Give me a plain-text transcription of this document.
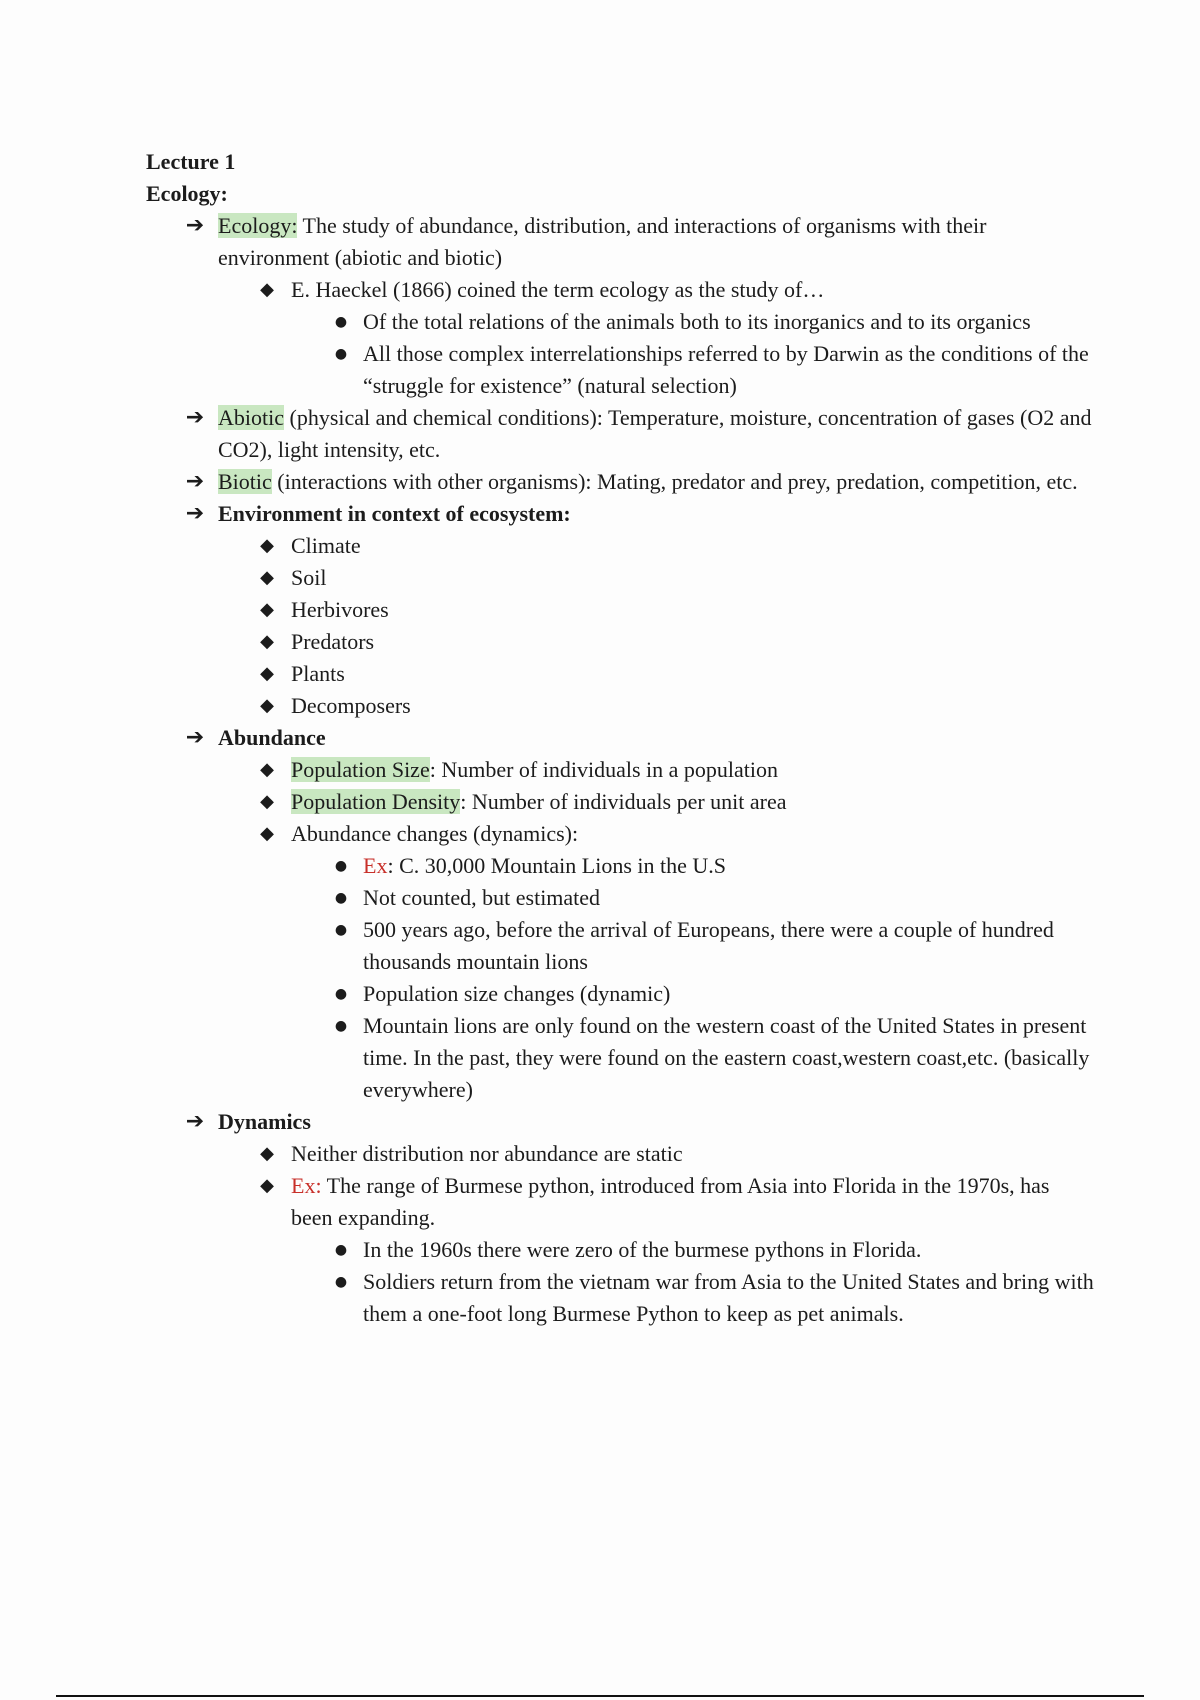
Lecture 1
Ecology:
➔ Ecology: The study of abundance, distribution, and interactions of organisms with their environment (abiotic and biotic)
◆ E. Haeckel (1866) coined the term ecology as the study of…
● Of the total relations of the animals both to its inorganics and to its organics
● All those complex interrelationships referred to by Darwin as the conditions of the “struggle for existence” (natural selection)
➔ Abiotic (physical and chemical conditions): Temperature, moisture, concentration of gases (O2 and CO2), light intensity, etc.
➔ Biotic (interactions with other organisms): Mating, predator and prey, predation, competition, etc.
➔ Environment in context of ecosystem:
◆ Climate
◆ Soil
◆ Herbivores
◆ Predators
◆ Plants
◆ Decomposers
➔ Abundance
◆ Population Size: Number of individuals in a population
◆ Population Density: Number of individuals per unit area
◆ Abundance changes (dynamics):
● Ex: C. 30,000 Mountain Lions in the U.S
● Not counted, but estimated
● 500 years ago, before the arrival of Europeans, there were a couple of hundred thousands mountain lions
● Population size changes (dynamic)
● Mountain lions are only found on the western coast of the United States in present time. In the past, they were found on the eastern coast,western coast,etc. (basically everywhere)
➔ Dynamics
◆ Neither distribution nor abundance are static
◆ Ex: The range of Burmese python, introduced from Asia into Florida in the 1970s, has been expanding.
● In the 1960s there were zero of the burmese pythons in Florida.
● Soldiers return from the vietnam war from Asia to the United States and bring with them a one-foot long Burmese Python to keep as pet animals.
